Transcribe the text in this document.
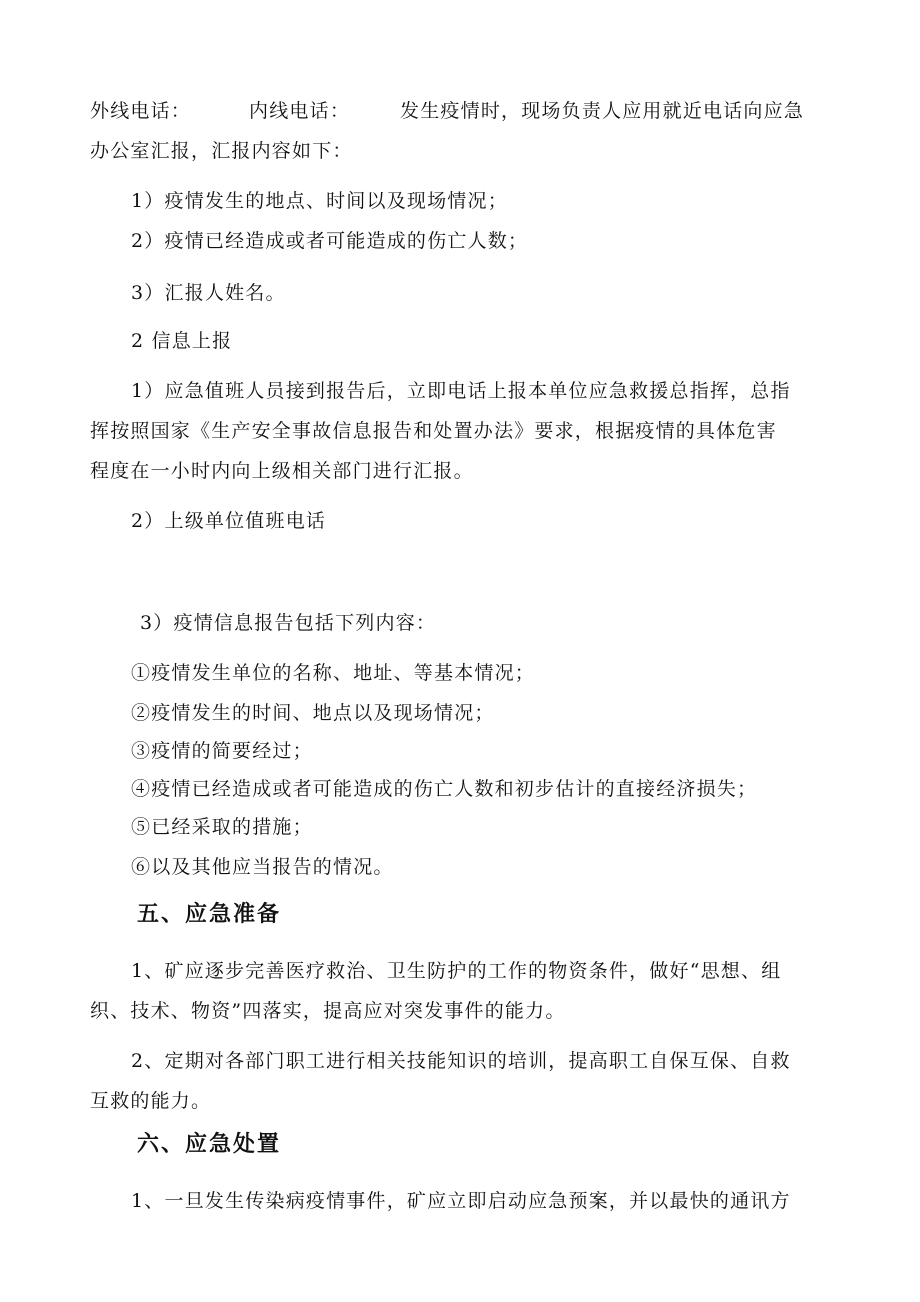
外线电话：	内线电话：	发生疫情时，现场负责人应用就近电话向应急
办公室汇报，汇报内容如下：
1）疫情发生的地点、时间以及现场情况；
2）疫情已经造成或者可能造成的伤亡人数；
3）汇报人姓名。
2 信息上报
1）应急值班人员接到报告后，立即电话上报本单位应急救援总指挥，总指
挥按照国家《生产安全事故信息报告和处置办法》要求，根据疫情的具体危害
程度在一小时内向上级相关部门进行汇报。
2）上级单位值班电话
3）疫情信息报告包括下列内容：
①疫情发生单位的名称、地址、等基本情况；
②疫情发生的时间、地点以及现场情况；
③疫情的简要经过；
④疫情已经造成或者可能造成的伤亡人数和初步估计的直接经济损失；
⑤已经采取的措施；
⑥以及其他应当报告的情况。
五、应急准备
1、矿应逐步完善医疗救治、卫生防护的工作的物资条件，做好“思想、组
织、技术、物资”四落实，提高应对突发事件的能力。
2、定期对各部门职工进行相关技能知识的培训，提高职工自保互保、自救
互救的能力。
六、应急处置
1、一旦发生传染病疫情事件，矿应立即启动应急预案，并以最快的通讯方
